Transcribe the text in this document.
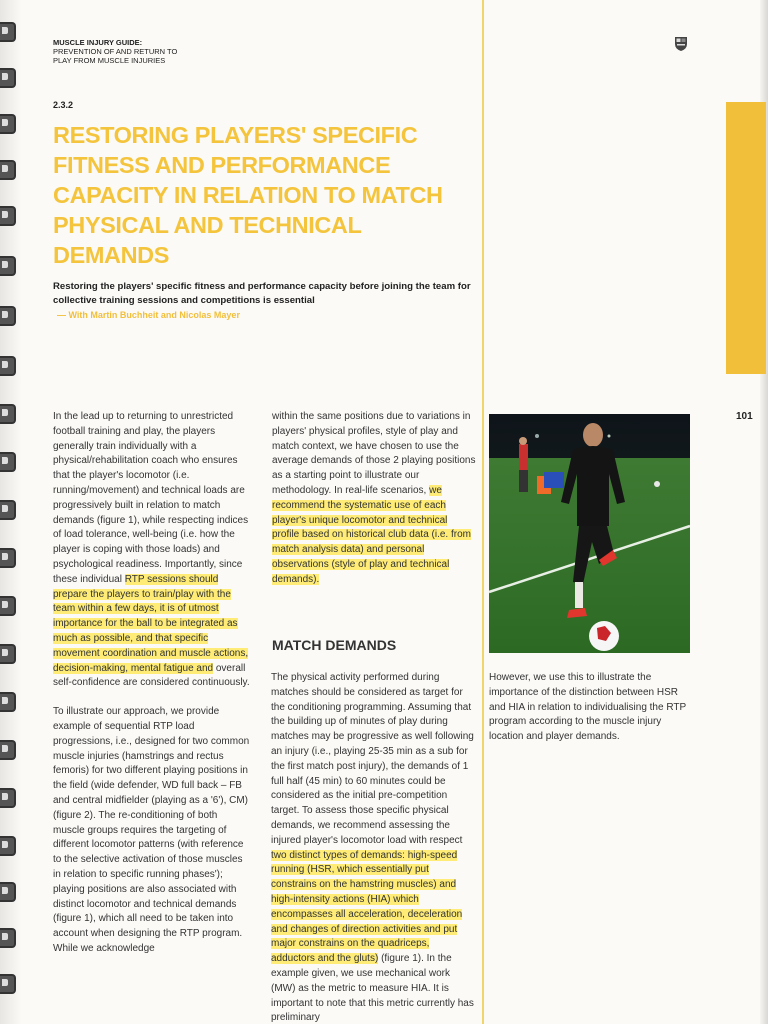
MUSCLE INJURY GUIDE:
PREVENTION OF AND RETURN TO PLAY FROM MUSCLE INJURIES
101
2.3.2
RESTORING PLAYERS' SPECIFIC FITNESS AND PERFORMANCE CAPACITY IN RELATION TO MATCH PHYSICAL AND TECHNICAL DEMANDS
Restoring the players' specific fitness and performance capacity before joining the team for collective training sessions and competitions is essential
— With Martin Buchheit and Nicolas Mayer

In the lead up to returning to unrestricted football training and play, the players generally train individually with a physical/rehabilitation coach who ensures that the player's locomotor (i.e. running/movement) and technical loads are progressively built in relation to match demands (figure 1), while respecting indices of load tolerance, well-being (i.e. how the player is coping with those loads) and psychological readiness. Importantly, since these individual RTP sessions should prepare the players to train/play with the team within a few days, it is of utmost importance for the ball to be integrated as much as possible, and that specific movement coordination and muscle actions, decision-making, mental fatigue and overall self-confidence are considered continuously.

To illustrate our approach, we provide example of sequential RTP load progressions, i.e., designed for two common muscle injuries (hamstrings and rectus femoris) for two different playing positions in the field (wide defender, WD full back – FB and central midfielder (playing as a '6'), CM) (figure 2). The re-conditioning of both muscle groups requires the targeting of different locomotor patterns (with reference to the selective activation of those muscles in relation to specific running phases'); playing positions are also associated with distinct locomotor and technical demands (figure 1), which all need to be taken into account when designing the RTP program. While we acknowledge

within the same positions due to variations in players' physical profiles, style of play and match context, we have chosen to use the average demands of those 2 playing positions as a starting point to illustrate our methodology. In real-life scenarios, we recommend the systematic use of each player's unique locomotor and technical profile based on historical club data (i.e. from match analysis data) and personal observations (style of play and technical demands).

MATCH DEMANDS

The physical activity performed during matches should be considered as target for the conditioning programming. Assuming that the building up of minutes of play during matches may be progressive as well following an injury (i.e., playing 25-35 min as a sub for the first match post injury), the demands of 1 full half (45 min) to 60 minutes could be considered as the initial pre-competition target. To assess those specific physical demands, we recommend assessing the injured player's locomotor load with respect two distinct types of demands: high-speed running (HSR, which essentially put constrains on the hamstring muscles) and high-intensity actions (HIA) which encompasses all acceleration, deceleration and changes of direction activities and put major constrains on the quadriceps, adductors and the gluts) (figure 1). In the example given, we use mechanical work (MW) as the metric to measure HIA. It is important to note that this metric currently has preliminary

However, we use this to illustrate the importance of the distinction between HSR and HIA in relation to individualising the RTP program according to the muscle injury location and player demands.
